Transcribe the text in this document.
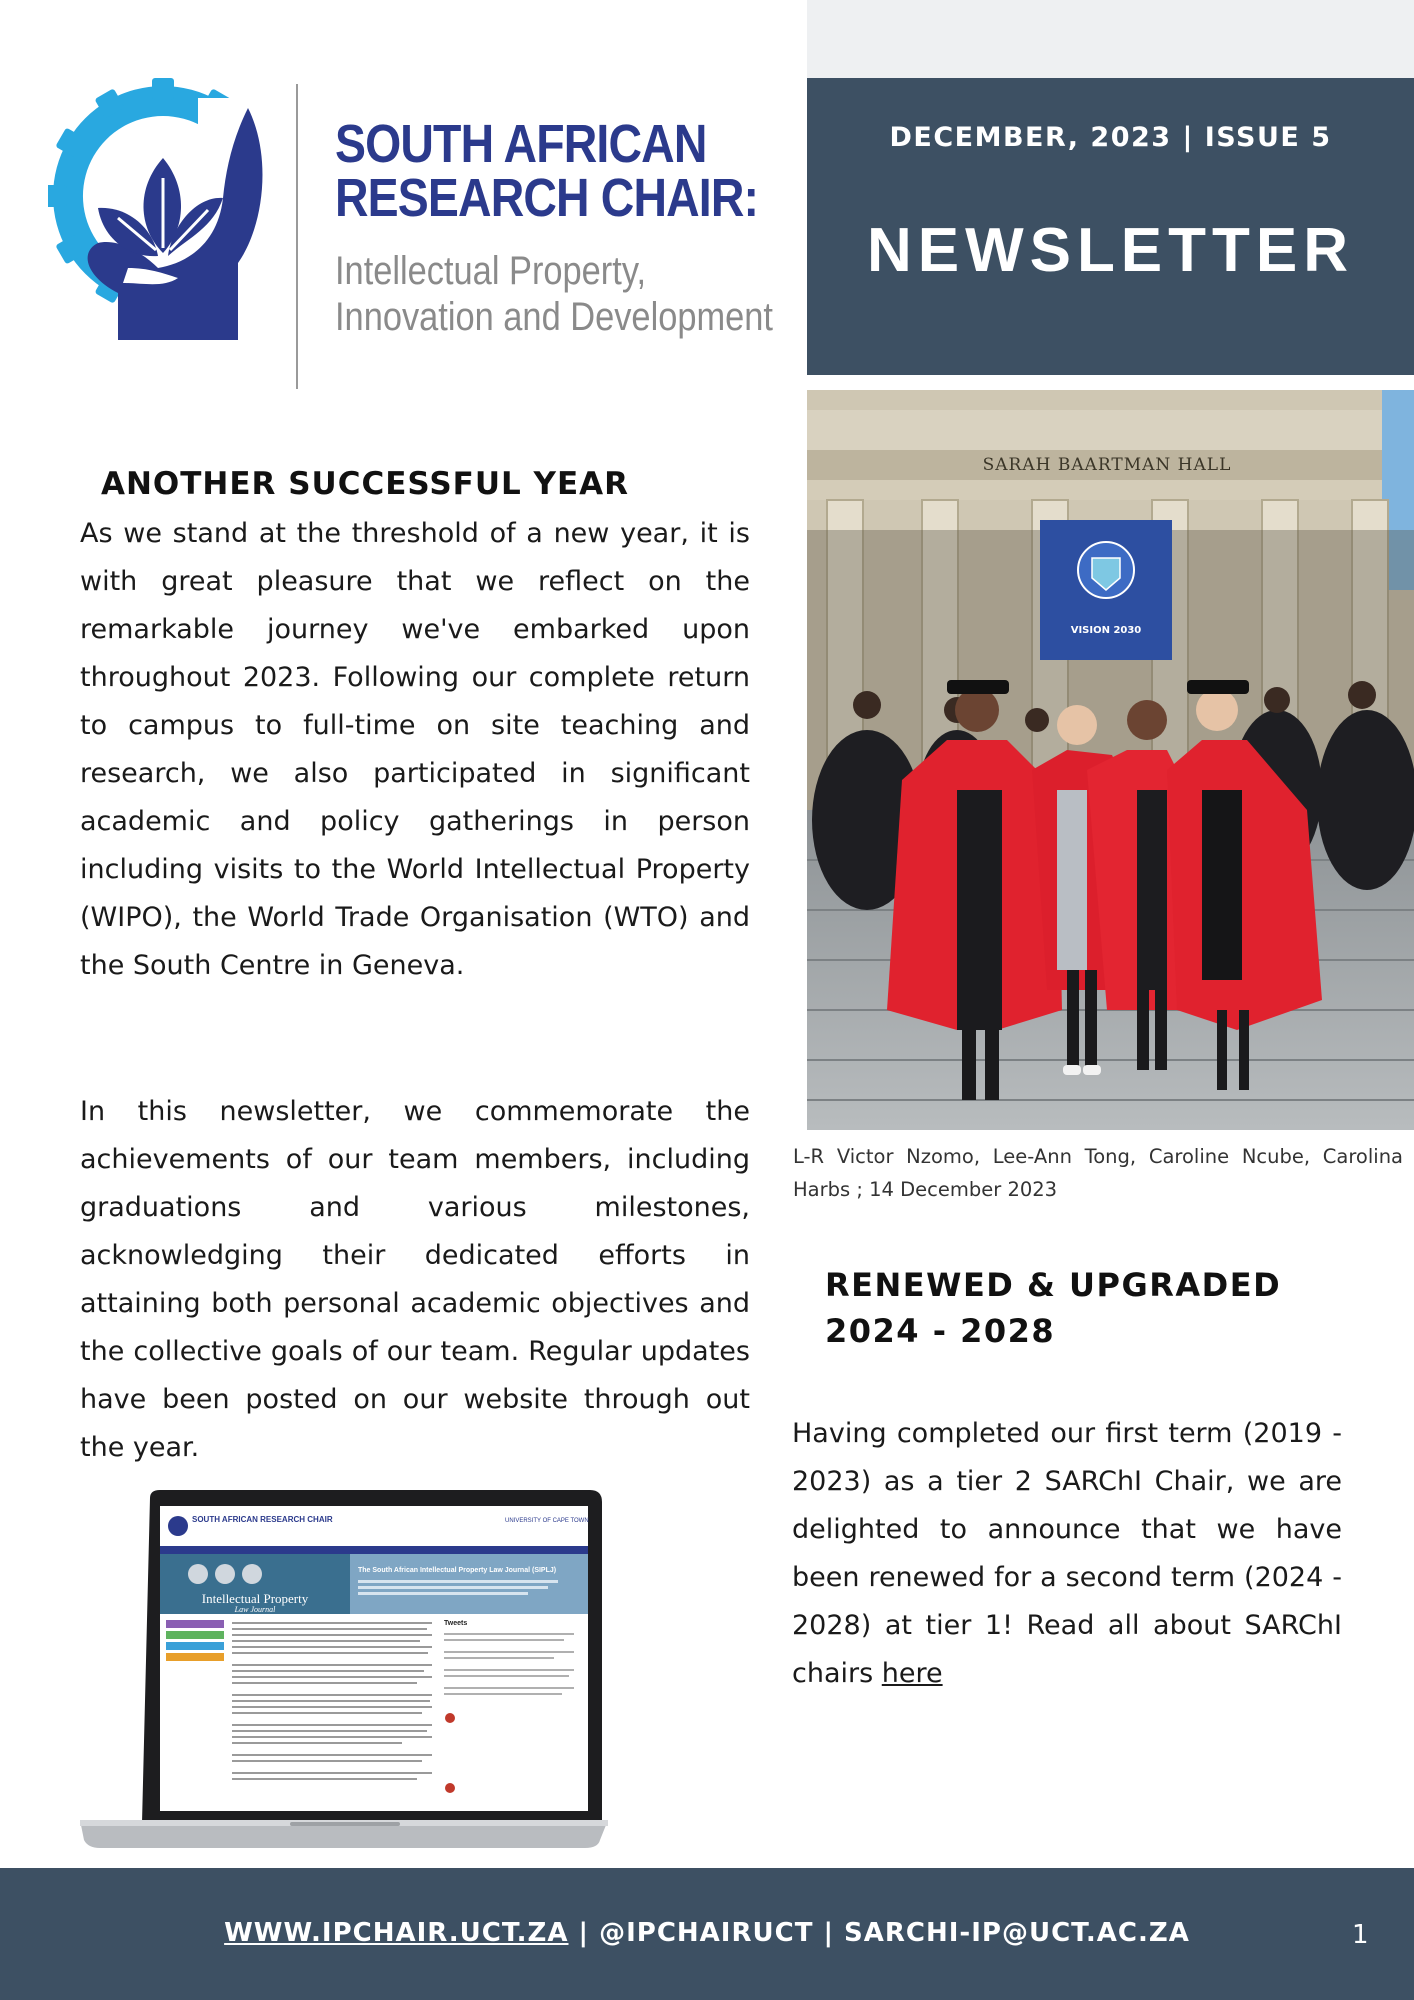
SOUTH AFRICAN
RESEARCH CHAIR:
Intellectual Property,
Innovation and Development
DECEMBER, 2023 | ISSUE 5
NEWSLETTER
SARAH BAARTMAN HALL
VISION 2030
L-R Victor Nzomo, Lee-Ann Tong, Caroline Ncube, Carolina Harbs ; 14 December 2023
ANOTHER SUCCESSFUL YEAR
As we stand at the threshold of a new year, it is with great pleasure that we reflect on the remarkable journey we've embarked upon throughout 2023. Following our complete return to campus to full-time on site teaching and research, we also participated in significant academic and policy gatherings in person including visits to the World Intellectual Property (WIPO), the World Trade Organisation (WTO) and the South Centre in Geneva.
In this newsletter, we commemorate the achievements of our team members, including graduations and various milestones, acknowledging their dedicated efforts in attaining both personal academic objectives and the collective goals of our team. Regular updates have been posted on our website through out the year.
SOUTH AFRICAN RESEARCH CHAIR	UNIVERSITY OF CAPE TOWN
Intellectual Property
Law Journal
The South African Intellectual Property Law Journal (SIPLJ)
Tweets
RENEWED & UPGRADED
2024 - 2028
Having completed our first term (2019 - 2023) as a tier 2 SARChI Chair, we are delighted to announce that we have been renewed for a second term (2024 - 2028) at tier 1! Read all about SARChI chairs here
WWW.IPCHAIR.UCT.ZA | @IPCHAIRUCT | SARCHI-IP@UCT.AC.ZA	1
